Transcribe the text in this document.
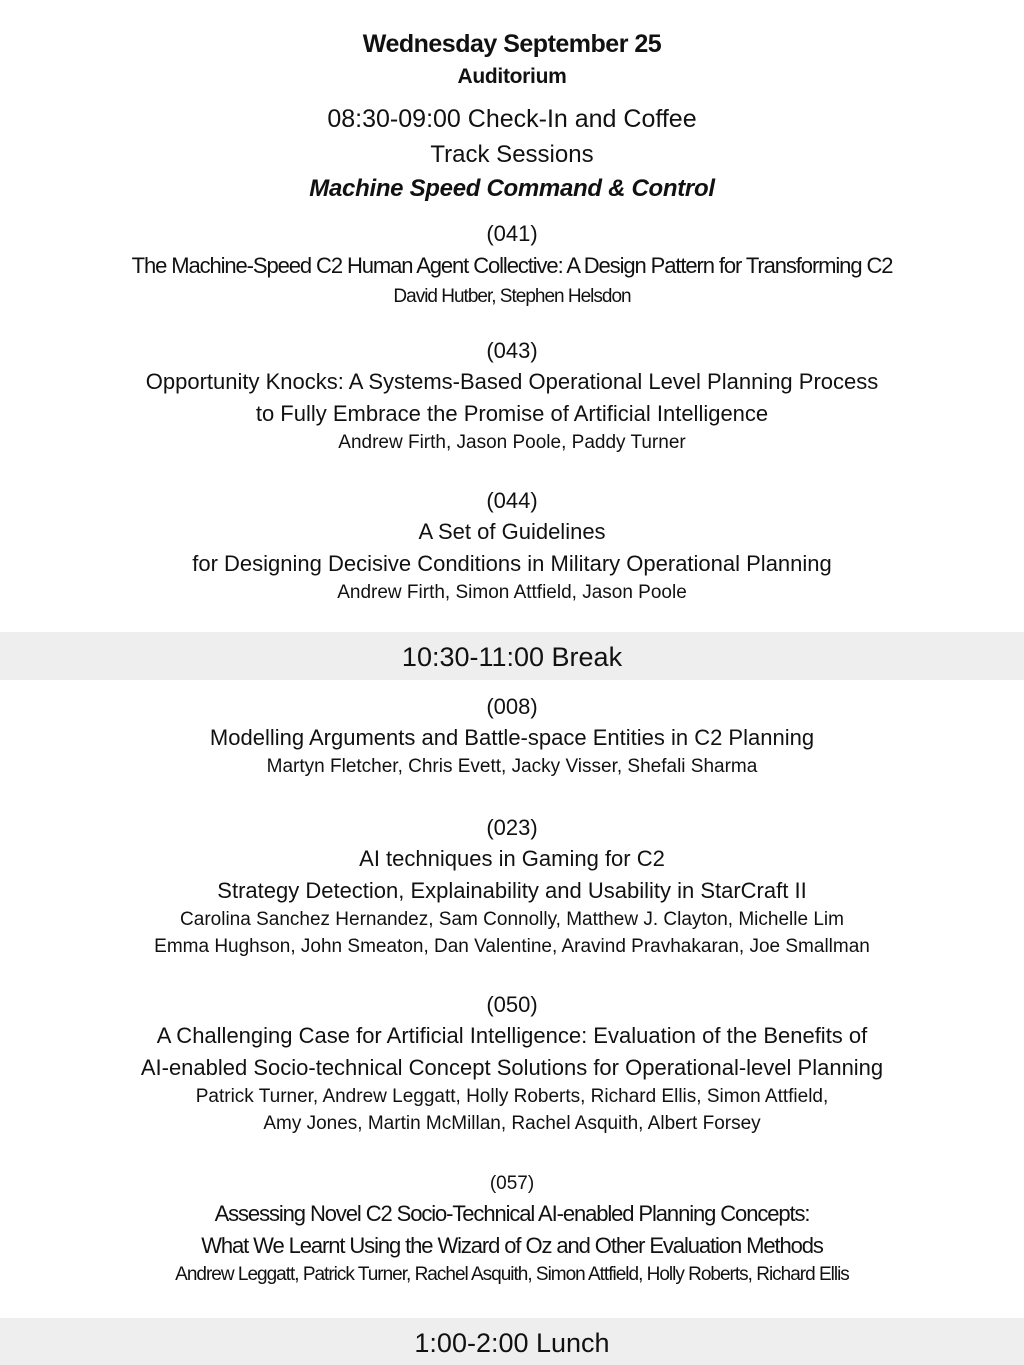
Wednesday September 25
Auditorium
08:30-09:00 Check-In and Coffee
Track Sessions
Machine Speed Command & Control
(041)
The Machine-Speed C2 Human Agent Collective: A Design Pattern for Transforming C2
David Hutber, Stephen Helsdon
(043)
Opportunity Knocks: A Systems-Based Operational Level Planning Process
to Fully Embrace the Promise of Artificial Intelligence
Andrew Firth, Jason Poole, Paddy Turner
(044)
A Set of Guidelines
for Designing Decisive Conditions in Military Operational Planning
Andrew Firth, Simon Attfield, Jason Poole
10:30-11:00 Break
(008)
Modelling Arguments and Battle-space Entities in C2 Planning
Martyn Fletcher, Chris Evett, Jacky Visser, Shefali Sharma
(023)
AI techniques in Gaming for C2
Strategy Detection, Explainability and Usability in StarCraft II
Carolina Sanchez Hernandez, Sam Connolly, Matthew J. Clayton, Michelle Lim
Emma Hughson, John Smeaton, Dan Valentine, Aravind Pravhakaran, Joe Smallman
(050)
A Challenging Case for Artificial Intelligence: Evaluation of the Benefits of
AI-enabled Socio-technical Concept Solutions for Operational-level Planning
Patrick Turner, Andrew Leggatt, Holly Roberts, Richard Ellis, Simon Attfield,
Amy Jones, Martin McMillan, Rachel Asquith, Albert Forsey
(057)
Assessing Novel C2 Socio-Technical AI-enabled Planning Concepts:
What We Learnt Using the Wizard of Oz and Other Evaluation Methods
Andrew Leggatt, Patrick Turner, Rachel Asquith, Simon Attfield, Holly Roberts, Richard Ellis
1:00-2:00 Lunch
